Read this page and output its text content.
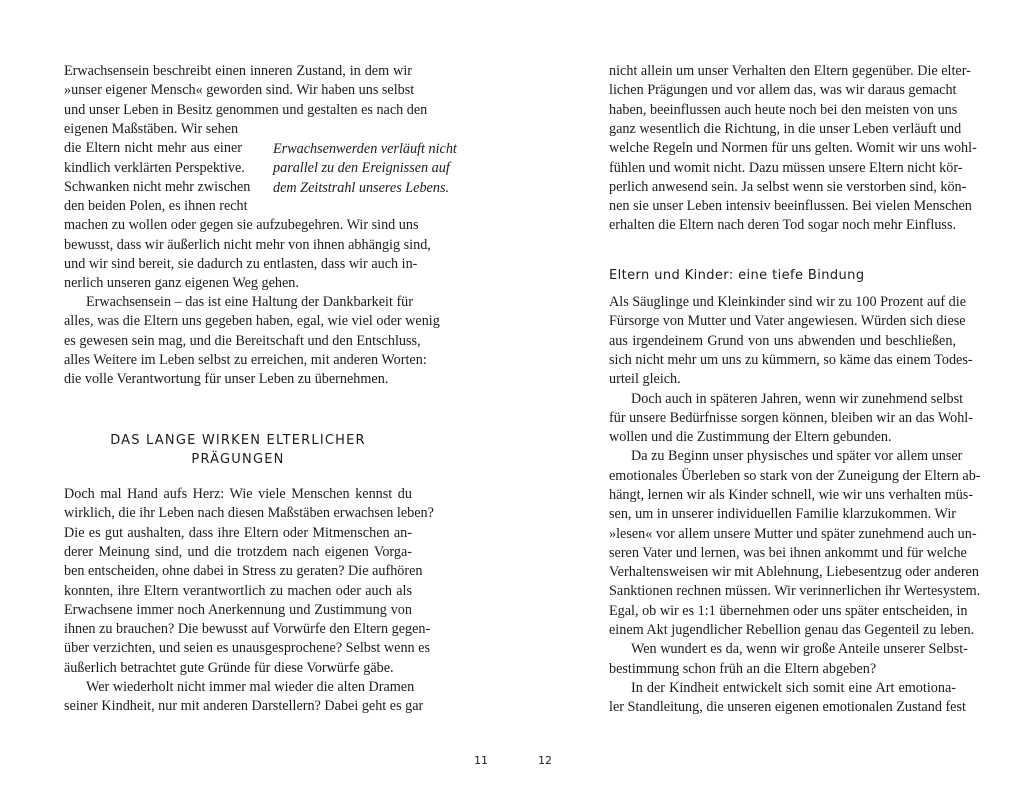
Erwachsensein beschreibt einen inneren Zustand, in dem wir
»unser eigener Mensch« geworden sind. Wir haben uns selbst
und unser Leben in Besitz genommen und gestalten es nach den
eigenen Maßstäben. Wir sehen
die Eltern nicht mehr aus einer
kindlich verklärten Perspektive.
Schwanken nicht mehr zwischen
den beiden Polen, es ihnen recht
machen zu wollen oder gegen sie aufzubegehren. Wir sind uns
bewusst, dass wir äußerlich nicht mehr von ihnen abhängig sind,
und wir sind bereit, sie dadurch zu entlasten, dass wir auch in-
nerlich unseren ganz eigenen Weg gehen.
Erwachsenwerden verläuft nicht
parallel zu den Ereignissen auf
dem Zeitstrahl unseres Lebens.
Erwachsensein – das ist eine Haltung der Dankbarkeit für
alles, was die Eltern uns gegeben haben, egal, wie viel oder wenig
es gewesen sein mag, und die Bereitschaft und den Entschluss,
alles Weitere im Leben selbst zu erreichen, mit anderen Worten:
die volle Verantwortung für unser Leben zu übernehmen.
DAS LANGE WIRKEN ELTERLICHER
PRÄGUNGEN
Doch mal Hand aufs Herz: Wie viele Menschen kennst du
wirklich, die ihr Leben nach diesen Maßstäben erwachsen leben?
Die es gut aushalten, dass ihre Eltern oder Mitmenschen an-
derer Meinung sind, und die trotzdem nach eigenen Vorga-
ben entscheiden, ohne dabei in Stress zu geraten? Die aufhören
konnten, ihre Eltern verantwortlich zu machen oder auch als
Erwachsene immer noch Anerkennung und Zustimmung von
ihnen zu brauchen? Die bewusst auf Vorwürfe den Eltern gegen-
über verzichten, und seien es unausgesprochene? Selbst wenn es
äußerlich betrachtet gute Gründe für diese Vorwürfe gäbe.
Wer wiederholt nicht immer mal wieder die alten Dramen
seiner Kindheit, nur mit anderen Darstellern? Dabei geht es gar
11
nicht allein um unser Verhalten den Eltern gegenüber. Die elter-
lichen Prägungen und vor allem das, was wir daraus gemacht
haben, beeinflussen auch heute noch bei den meisten von uns
ganz wesentlich die Richtung, in die unser Leben verläuft und
welche Regeln und Normen für uns gelten. Womit wir uns wohl-
fühlen und womit nicht. Dazu müssen unsere Eltern nicht kör-
perlich anwesend sein. Ja selbst wenn sie verstorben sind, kön-
nen sie unser Leben intensiv beeinflussen. Bei vielen Menschen
erhalten die Eltern nach deren Tod sogar noch mehr Einfluss.
Eltern und Kinder: eine tiefe Bindung
Als Säuglinge und Kleinkinder sind wir zu 100 Prozent auf die
Fürsorge von Mutter und Vater angewiesen. Würden sich diese
aus irgendeinem Grund von uns abwenden und beschließen,
sich nicht mehr um uns zu kümmern, so käme das einem Todes-
urteil gleich.
Doch auch in späteren Jahren, wenn wir zunehmend selbst
für unsere Bedürfnisse sorgen können, bleiben wir an das Wohl-
wollen und die Zustimmung der Eltern gebunden.
Da zu Beginn unser physisches und später vor allem unser
emotionales Überleben so stark von der Zuneigung der Eltern ab-
hängt, lernen wir als Kinder schnell, wie wir uns verhalten müs-
sen, um in unserer individuellen Familie klarzukommen. Wir
»lesen« vor allem unsere Mutter und später zunehmend auch un-
seren Vater und lernen, was bei ihnen ankommt und für welche
Verhaltensweisen wir mit Ablehnung, Liebesentzug oder anderen
Sanktionen rechnen müssen. Wir verinnerlichen ihr Wertesystem.
Egal, ob wir es 1:1 übernehmen oder uns später entscheiden, in
einem Akt jugendlicher Rebellion genau das Gegenteil zu leben.
Wen wundert es da, wenn wir große Anteile unserer Selbst-
bestimmung schon früh an die Eltern abgeben?
In der Kindheit entwickelt sich somit eine Art emotiona-
ler Standleitung, die unseren eigenen emotionalen Zustand fest
12
